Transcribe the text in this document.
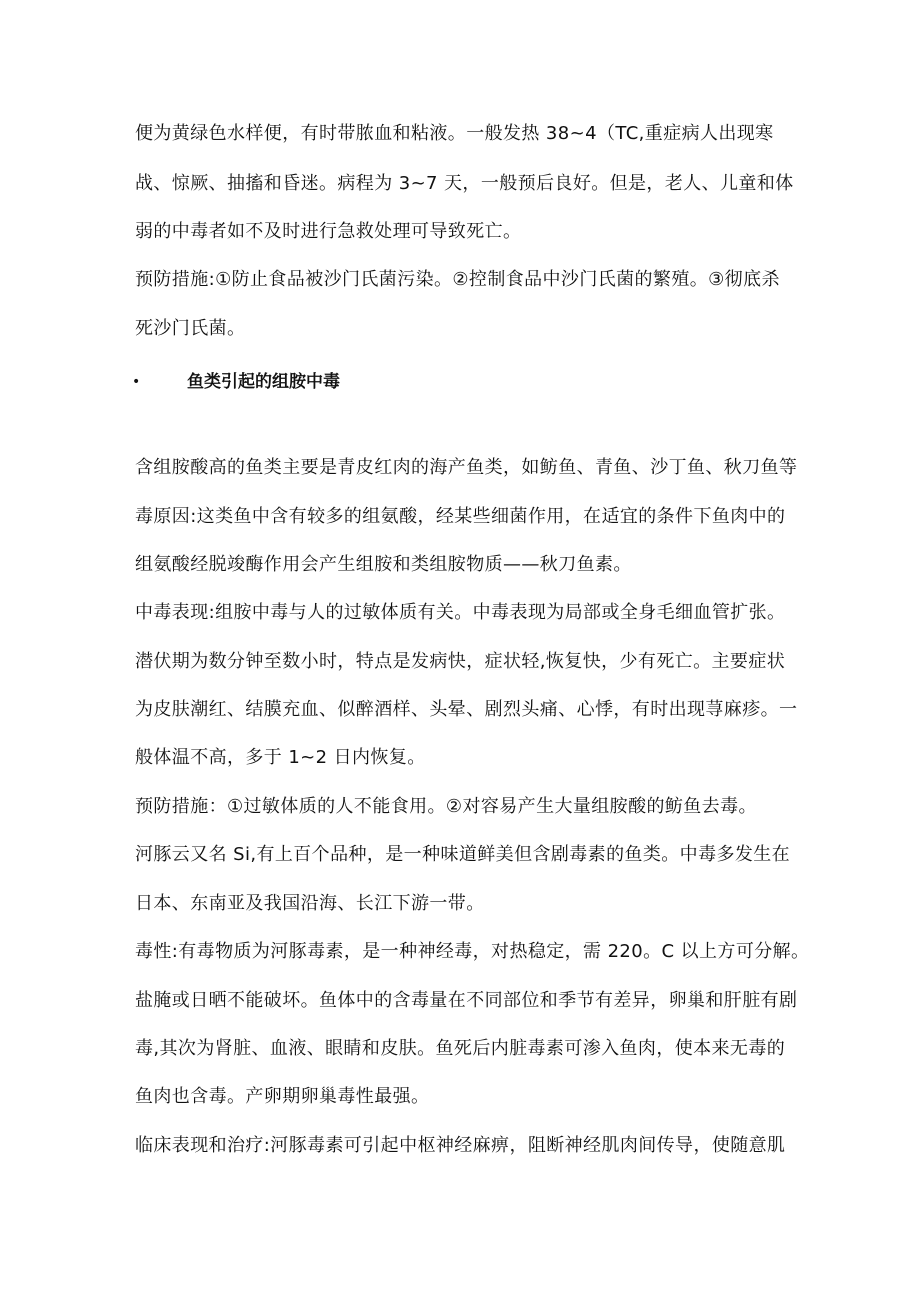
便为黄绿色水样便，有时带脓血和粘液。一般发热 38~4（TC,重症病人出现寒
战、惊厥、抽搐和昏迷。病程为 3~7 天，一般预后良好。但是，老人、儿童和体
弱的中毒者如不及时进行急救处理可导致死亡。
预防措施:①防止食品被沙门氏菌污染。②控制食品中沙门氏菌的繁殖。③彻底杀
死沙门氏菌。
•	鱼类引起的组胺中毒
含组胺酸高的鱼类主要是青皮红肉的海产鱼类，如鲂鱼、青鱼、沙丁鱼、秋刀鱼等
毒原因:这类鱼中含有较多的组氨酸，经某些细菌作用，在适宜的条件下鱼肉中的
组氨酸经脱竣酶作用会产生组胺和类组胺物质——秋刀鱼素。
中毒表现:组胺中毒与人的过敏体质有关。中毒表现为局部或全身毛细血管扩张。
潜伏期为数分钟至数小时，特点是发病快，症状轻,恢复快，少有死亡。主要症状
为皮肤潮红、结膜充血、似醉酒样、头晕、剧烈头痛、心悸，有时出现荨麻疹。一
般体温不高，多于 1~2 日内恢复。
预防措施：①过敏体质的人不能食用。②对容易产生大量组胺酸的鲂鱼去毒。
河豚云又名 Si,有上百个品种，是一种味道鲜美但含剧毒素的鱼类。中毒多发生在
日本、东南亚及我国沿海、长江下游一带。
毒性:有毒物质为河豚毒素，是一种神经毒，对热稳定，需 220。C 以上方可分解。
盐腌或日晒不能破坏。鱼体中的含毒量在不同部位和季节有差异，卵巢和肝脏有剧
毒,其次为肾脏、血液、眼睛和皮肤。鱼死后内脏毒素可渗入鱼肉，使本来无毒的
鱼肉也含毒。产卵期卵巢毒性最强。
临床表现和治疗:河豚毒素可引起中枢神经麻痹，阻断神经肌肉间传导，使随意肌
